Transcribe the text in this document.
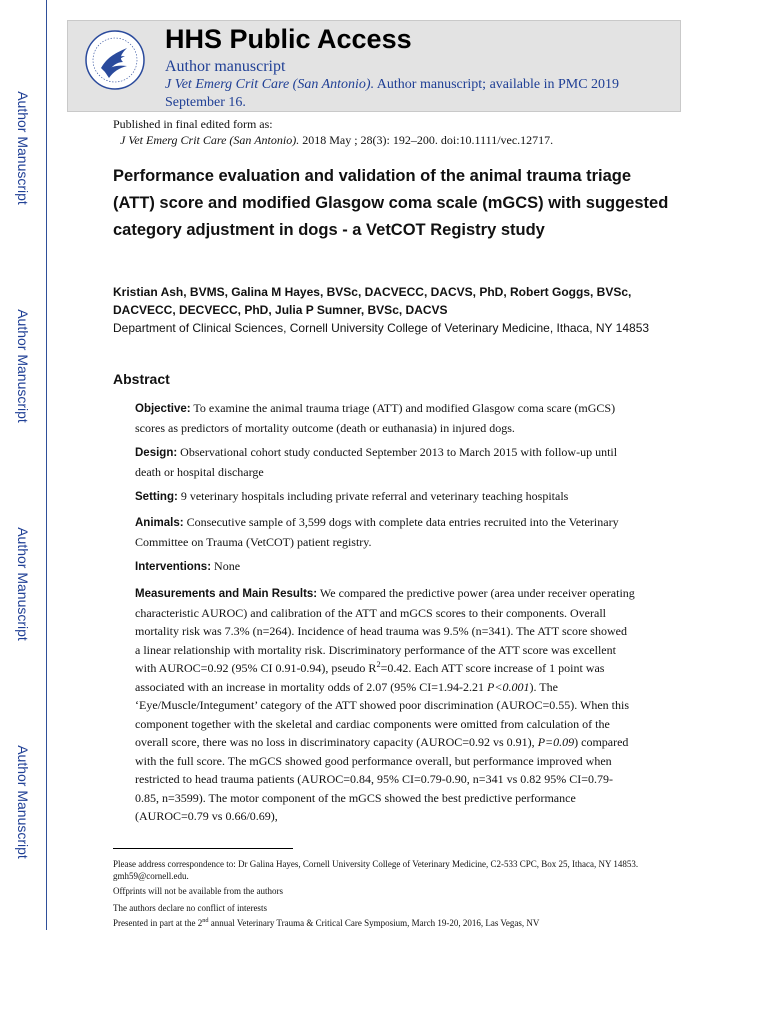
Author Manuscript
Author Manuscript
Author Manuscript
Author Manuscript
HHS Public Access
Author manuscript
J Vet Emerg Crit Care (San Antonio). Author manuscript; available in PMC 2019 September 16.
Published in final edited form as:
J Vet Emerg Crit Care (San Antonio). 2018 May ; 28(3): 192–200. doi:10.1111/vec.12717.
Performance evaluation and validation of the animal trauma triage (ATT) score and modified Glasgow coma scale (mGCS) with suggested category adjustment in dogs - a VetCOT Registry study
Kristian Ash, BVMS, Galina M Hayes, BVSc, DACVECC, DACVS, PhD, Robert Goggs, BVSc, DACVECC, DECVECC, PhD, Julia P Sumner, BVSc, DACVS
Department of Clinical Sciences, Cornell University College of Veterinary Medicine, Ithaca, NY 14853
Abstract
Objective: To examine the animal trauma triage (ATT) and modified Glasgow coma scare (mGCS) scores as predictors of mortality outcome (death or euthanasia) in injured dogs.
Design: Observational cohort study conducted September 2013 to March 2015 with follow-up until death or hospital discharge
Setting: 9 veterinary hospitals including private referral and veterinary teaching hospitals
Animals: Consecutive sample of 3,599 dogs with complete data entries recruited into the Veterinary Committee on Trauma (VetCOT) patient registry.
Interventions: None
Measurements and Main Results: We compared the predictive power (area under receiver operating characteristic AUROC) and calibration of the ATT and mGCS scores to their components. Overall mortality risk was 7.3% (n=264). Incidence of head trauma was 9.5% (n=341). The ATT score showed a linear relationship with mortality risk. Discriminatory performance of the ATT score was excellent with AUROC=0.92 (95% CI 0.91-0.94), pseudo $R^2=0.42$. Each ATT score increase of 1 point was associated with an increase in mortality odds of 2.07 (95% CI=1.94-2.21 P<0.001). The ‘Eye/Muscle/Integument’ category of the ATT showed poor discrimination (AUROC=0.55). When this component together with the skeletal and cardiac components were omitted from calculation of the overall score, there was no loss in discriminatory capacity (AUROC=0.92 vs 0.91), P=0.09) compared with the full score. The mGCS showed good performance overall, but performance improved when restricted to head trauma patients (AUROC=0.84, 95% CI=0.79-0.90, n=341 vs 0.82 95% CI=0.79-0.85, n=3599). The motor component of the mGCS showed the best predictive performance (AUROC=0.79 vs 0.66/0.69),
Please address correspondence to: Dr Galina Hayes, Cornell University College of Veterinary Medicine, C2-533 CPC, Box 25, Ithaca, NY 14853. gmh59@cornell.edu.
Offprints will not be available from the authors
The authors declare no conflict of interests
Presented in part at the 2nd annual Veterinary Trauma & Critical Care Symposium, March 19-20, 2016, Las Vegas, NV
